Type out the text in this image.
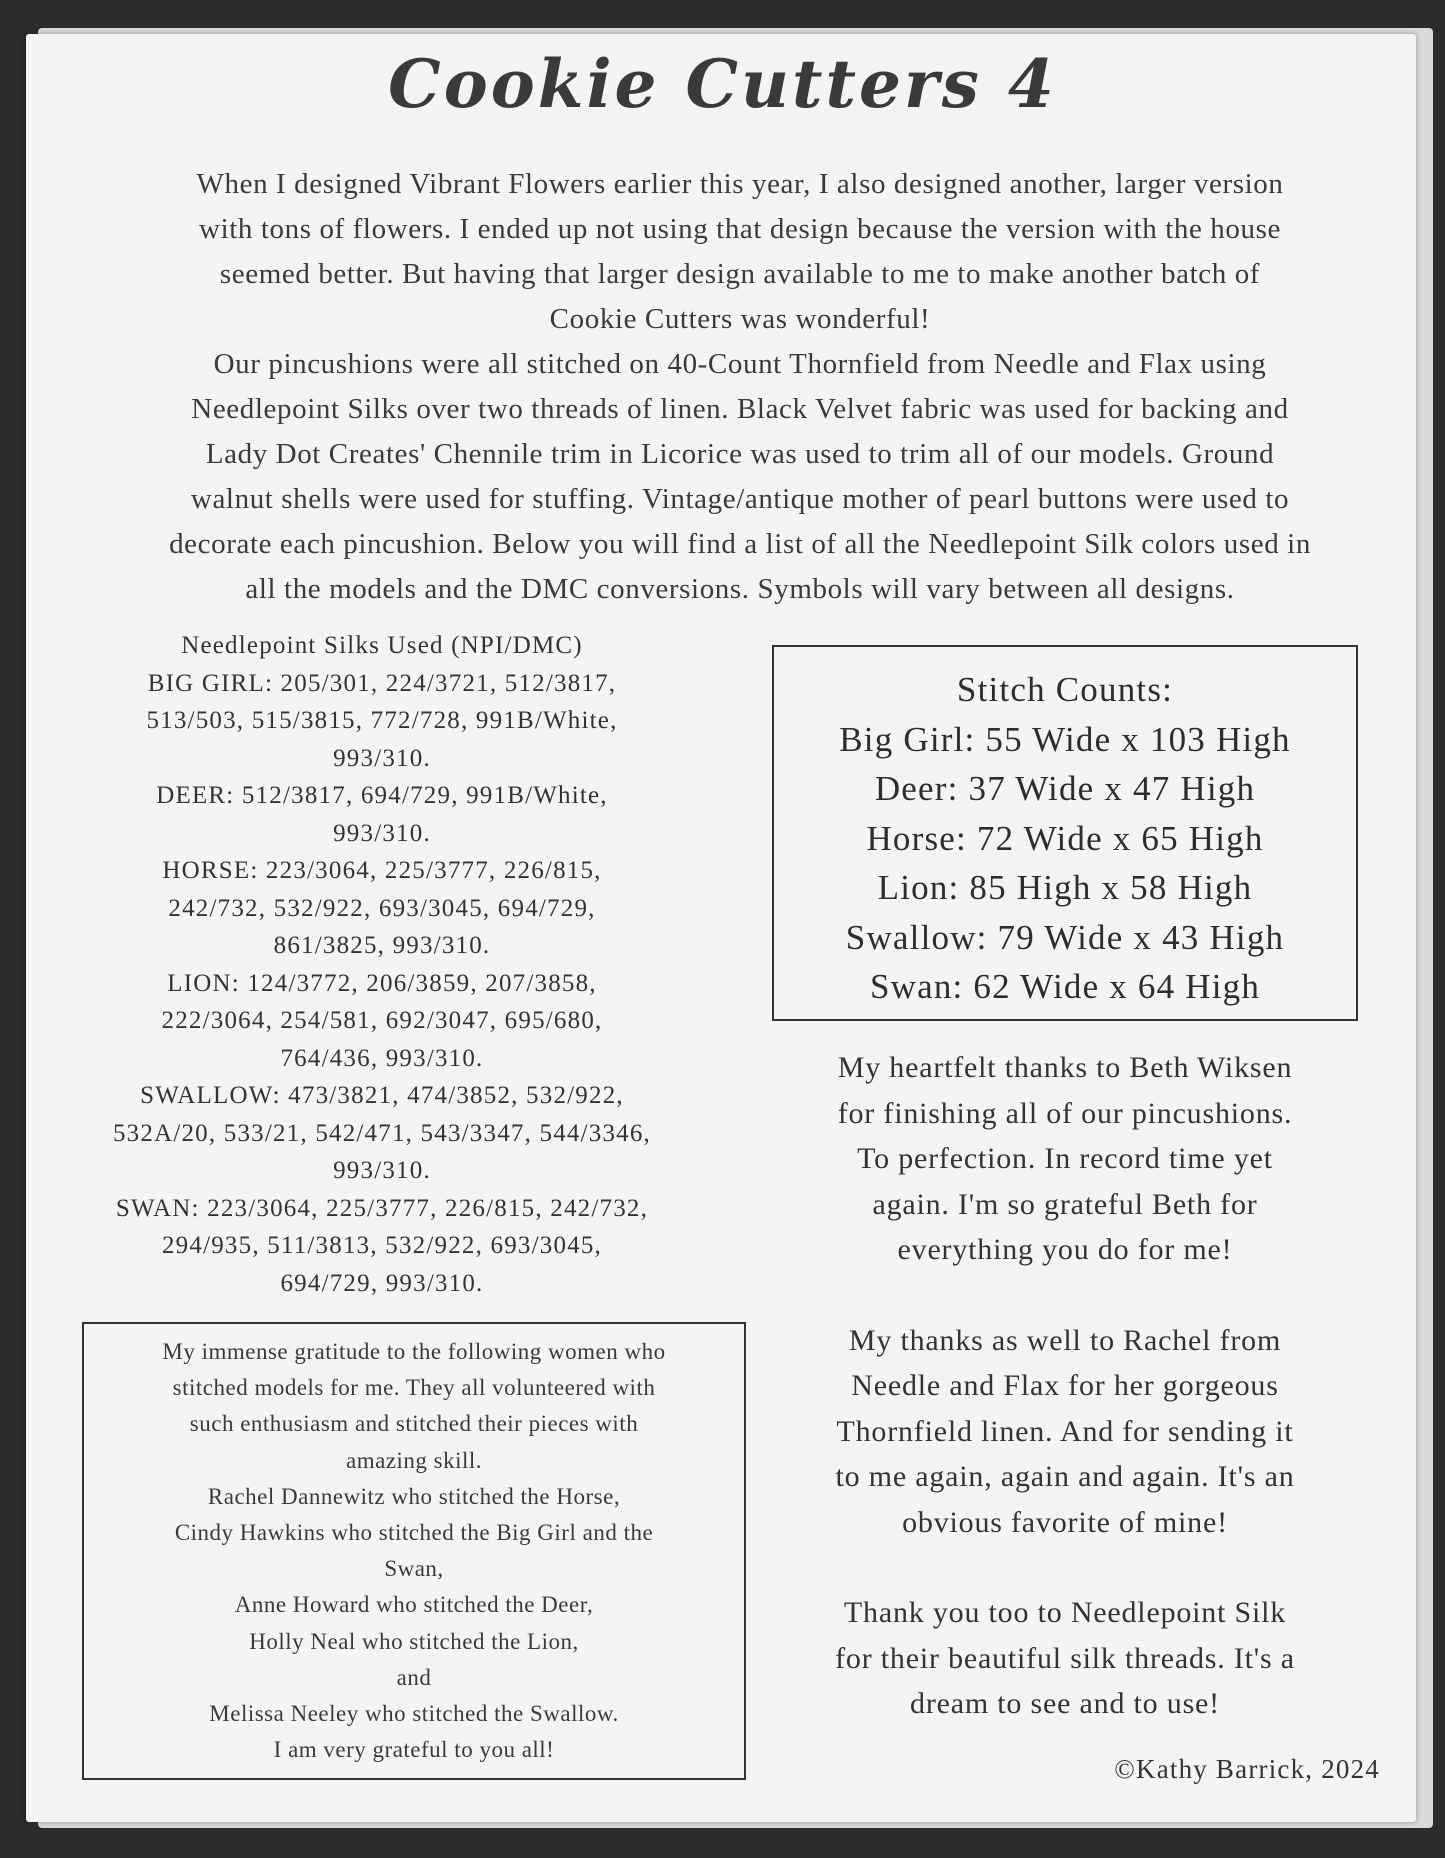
Cookie Cutters 4

When I designed Vibrant Flowers earlier this year, I also designed another, larger version

with tons of flowers. I ended up not using that design because the version with the house

seemed better. But having that larger design available to me to make another batch of

Cookie Cutters was wonderful!

Our pincushions were all stitched on 40-Count Thornfield from Needle and Flax using

Needlepoint Silks over two threads of linen. Black Velvet fabric was used for backing and

Lady Dot Creates' Chennile trim in Licorice was used to trim all of our models. Ground

walnut shells were used for stuffing. Vintage/antique mother of pearl buttons were used to

decorate each pincushion. Below you will find a list of all the Needlepoint Silk colors used in

all the models and the DMC conversions. Symbols will vary between all designs.

Needlepoint Silks Used (NPI/DMC)

BIG GIRL: 205/301, 224/3721, 512/3817,

513/503, 515/3815, 772/728, 991B/White,

993/310.

DEER: 512/3817, 694/729, 991B/White,

993/310.

HORSE: 223/3064, 225/3777, 226/815,

242/732, 532/922, 693/3045, 694/729,

861/3825, 993/310.

LION: 124/3772, 206/3859, 207/3858,

222/3064, 254/581, 692/3047, 695/680,

764/436, 993/310.

SWALLOW: 473/3821, 474/3852, 532/922,

532A/20, 533/21, 542/471, 543/3347, 544/3346,

993/310.

SWAN: 223/3064, 225/3777, 226/815, 242/732,

294/935, 511/3813, 532/922, 693/3045,

694/729, 993/310.

Stitch Counts:

Big Girl: 55 Wide x 103 High

Deer: 37 Wide x 47 High

Horse: 72 Wide x 65 High

Lion: 85 High x 58 High

Swallow: 79 Wide x 43 High

Swan: 62 Wide x 64 High

My heartfelt thanks to Beth Wiksen

for finishing all of our pincushions.

To perfection. In record time yet

again. I'm so grateful Beth for

everything you do for me!

My thanks as well to Rachel from

Needle and Flax for her gorgeous

Thornfield linen. And for sending it

to me again, again and again. It's an

obvious favorite of mine!

Thank you too to Needlepoint Silk

for their beautiful silk threads. It's a

dream to see and to use!

My immense gratitude to the following women who

stitched models for me. They all volunteered with

such enthusiasm and stitched their pieces with

amazing skill.

Rachel Dannewitz who stitched the Horse,

Cindy Hawkins who stitched the Big Girl and the

Swan,

Anne Howard who stitched the Deer,

Holly Neal who stitched the Lion,

and

Melissa Neeley who stitched the Swallow.

I am very grateful to you all!

©Kathy Barrick, 2024
